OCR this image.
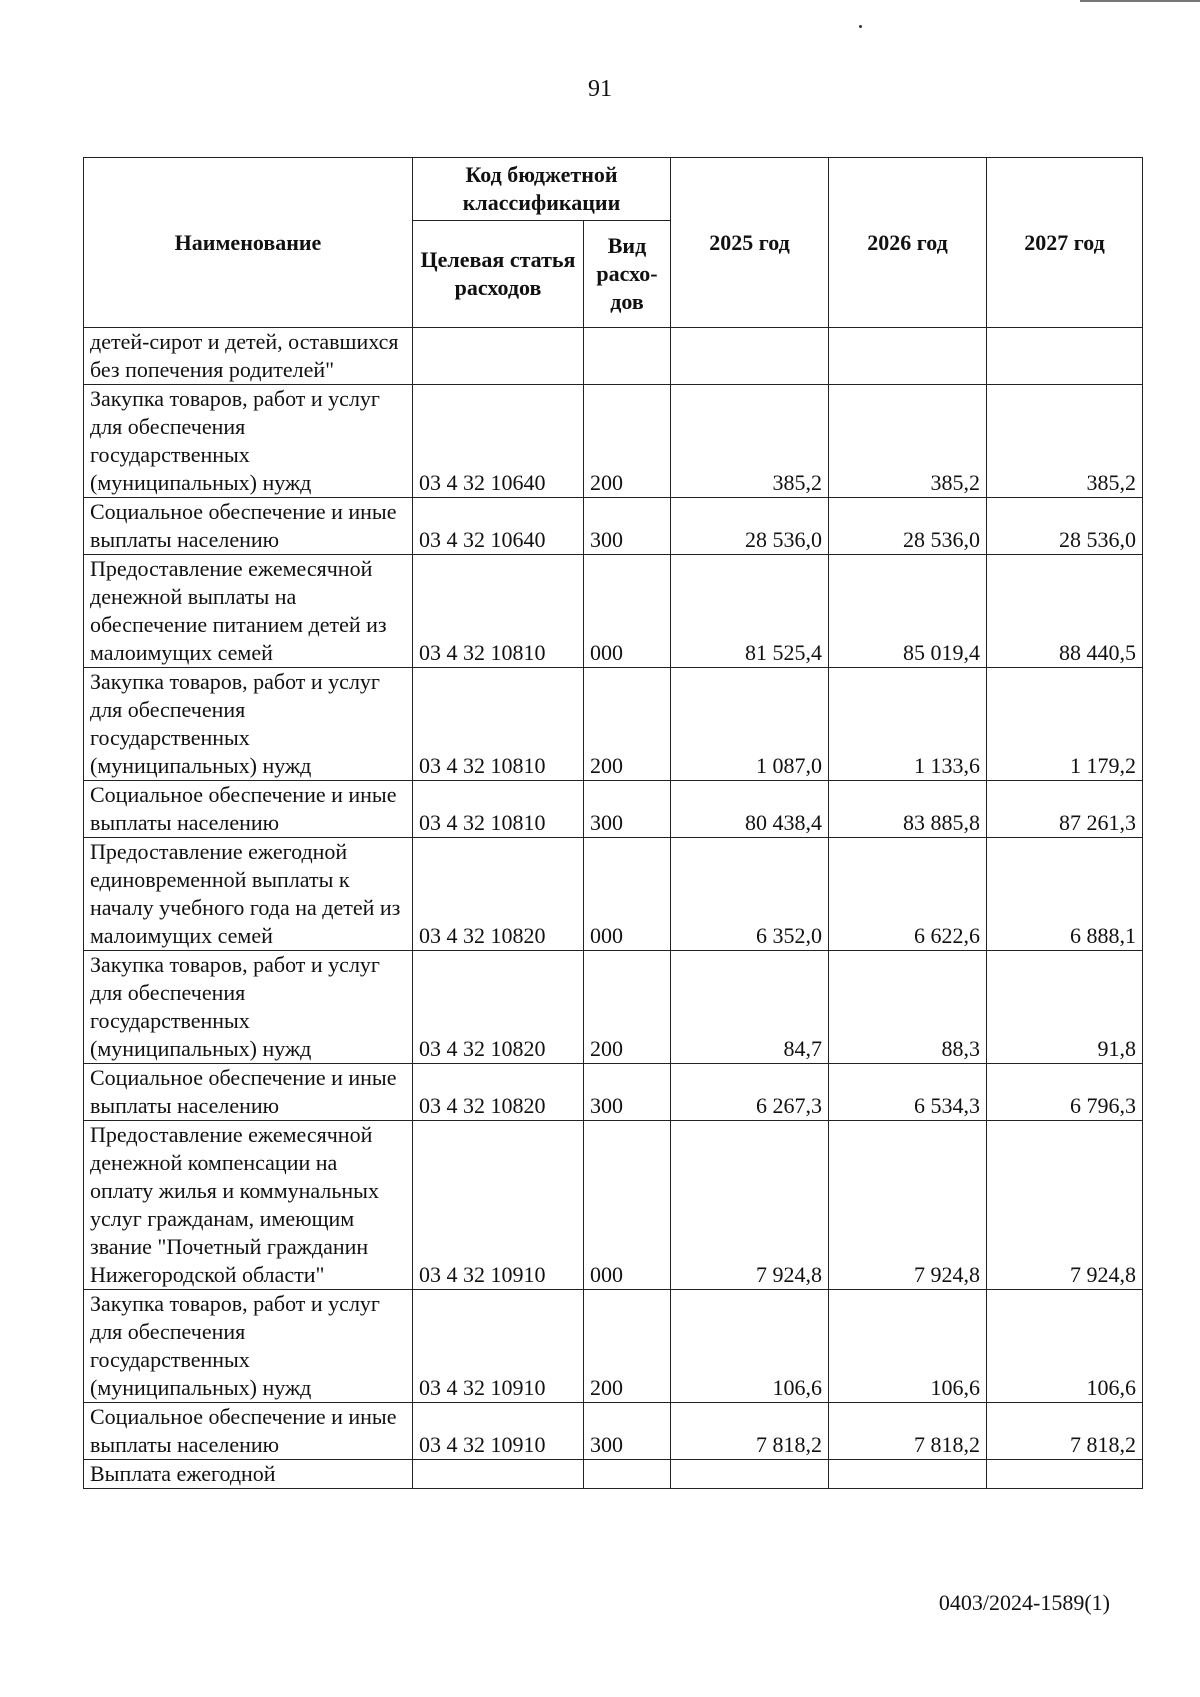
91
Наименование	Код бюджетной классификации		2025 год	2026 год	2027 год
	Целевая статья расходов	Вид расхо-дов			
детей-сирот и детей, оставшихся без попечения родителей"					
Закупка товаров, работ и услуг для обеспечения государственных (муниципальных) нужд	03 4 32 10640	200	385,2	385,2	385,2
Социальное обеспечение и иные выплаты населению	03 4 32 10640	300	28 536,0	28 536,0	28 536,0
Предоставление ежемесячной денежной выплаты на обеспечение питанием детей из малоимущих семей	03 4 32 10810	000	81 525,4	85 019,4	88 440,5
Закупка товаров, работ и услуг для обеспечения государственных (муниципальных) нужд	03 4 32 10810	200	1 087,0	1 133,6	1 179,2
Социальное обеспечение и иные выплаты населению	03 4 32 10810	300	80 438,4	83 885,8	87 261,3
Предоставление ежегодной единовременной выплаты к началу учебного года на детей из малоимущих семей	03 4 32 10820	000	6 352,0	6 622,6	6 888,1
Закупка товаров, работ и услуг для обеспечения государственных (муниципальных) нужд	03 4 32 10820	200	84,7	88,3	91,8
Социальное обеспечение и иные выплаты населению	03 4 32 10820	300	6 267,3	6 534,3	6 796,3
Предоставление ежемесячной денежной компенсации на оплату жилья и коммунальных услуг гражданам, имеющим звание "Почетный гражданин Нижегородской области"	03 4 32 10910	000	7 924,8	7 924,8	7 924,8
Закупка товаров, работ и услуг для обеспечения государственных (муниципальных) нужд	03 4 32 10910	200	106,6	106,6	106,6
Социальное обеспечение и иные выплаты населению	03 4 32 10910	300	7 818,2	7 818,2	7 818,2
Выплата ежегодной					
0403/2024-1589(1)
